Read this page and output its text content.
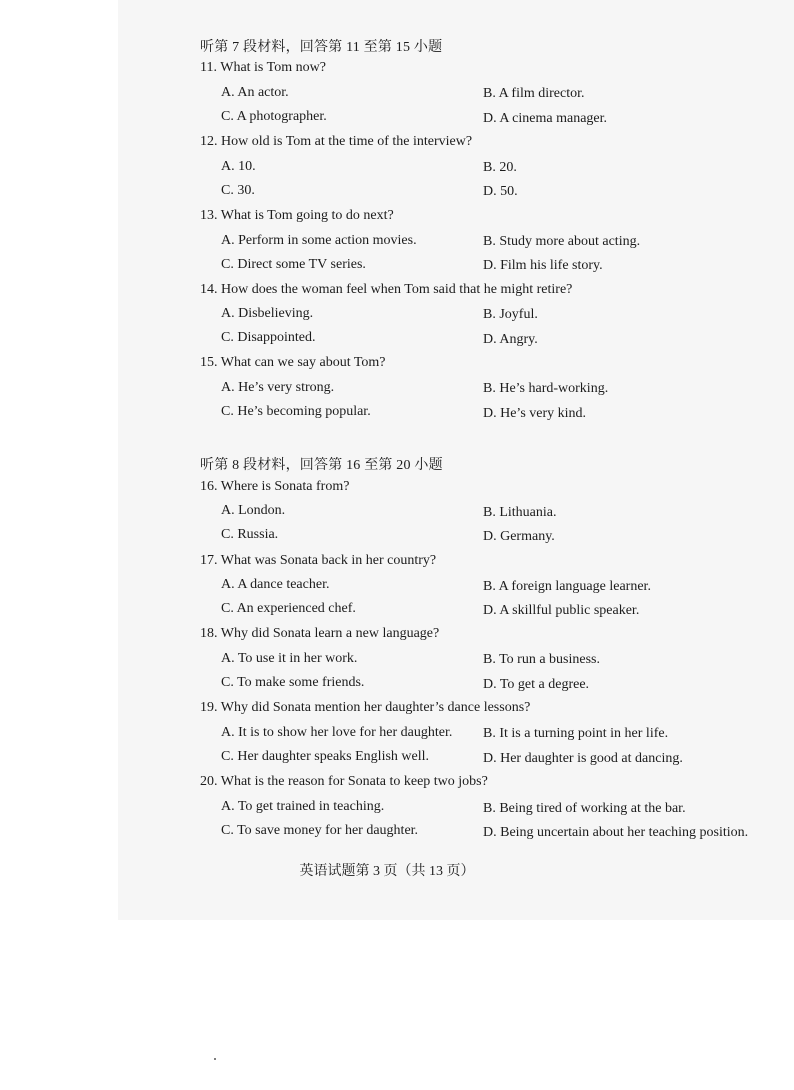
听第 7 段材料，回答第 11 至第 15 小题
11. What is Tom now?
A. An actor.	B. A film director.
C. A photographer.	D. A cinema manager.
12. How old is Tom at the time of the interview?
A. 10.	B. 20.
C. 30.	D. 50.
13. What is Tom going to do next?
A. Perform in some action movies.	B. Study more about acting.
C. Direct some TV series.	D. Film his life story.
14. How does the woman feel when Tom said that he might retire?
A. Disbelieving.	B. Joyful.
C. Disappointed.	D. Angry.
15. What can we say about Tom?
A. He’s very strong.	B. He’s hard-working.
C. He’s becoming popular.	D. He’s very kind.
听第 8 段材料，回答第 16 至第 20 小题
16. Where is Sonata from?
A. London.	B. Lithuania.
C. Russia.	D. Germany.
17. What was Sonata back in her country?
A. A dance teacher.	B. A foreign language learner.
C. An experienced chef.	D. A skillful public speaker.
18. Why did Sonata learn a new language?
A. To use it in her work.	B. To run a business.
C. To make some friends.	D. To get a degree.
19. Why did Sonata mention her daughter’s dance lessons?
A. It is to show her love for her daughter. B. It is a turning point in her life.
C. Her daughter speaks English well.	D. Her daughter is good at dancing.
20. What is the reason for Sonata to keep two jobs?
A. To get trained in teaching.	B. Being tired of working at the bar.
C. To save money for her daughter.	D. Being uncertain about her teaching position.
英语试题第 3 页（共 13 页）
